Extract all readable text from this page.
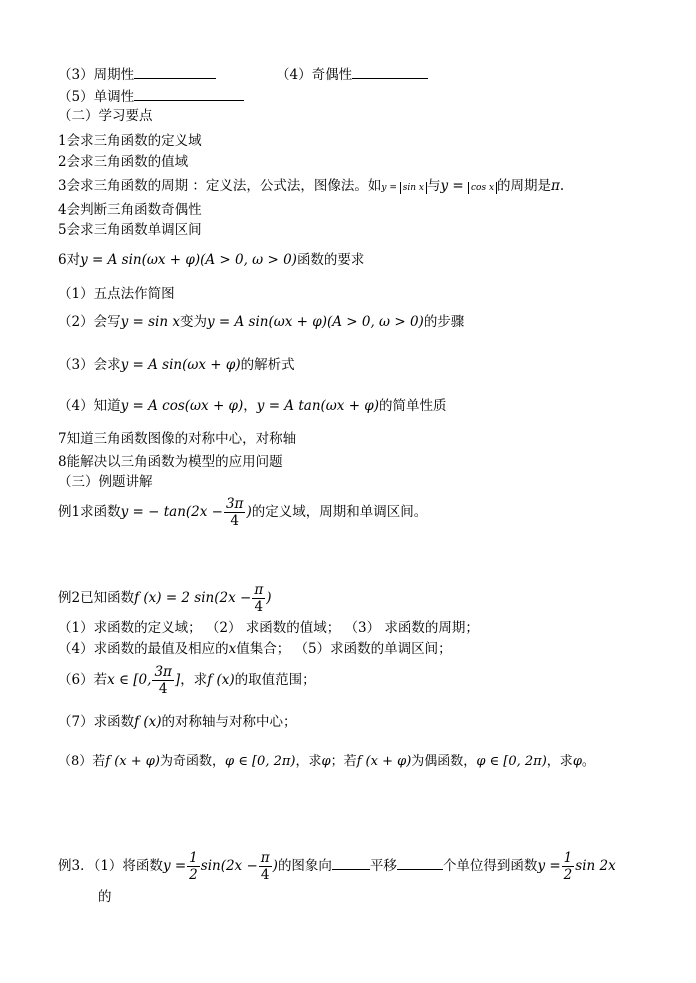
（3）周期性	（4）奇偶性
（5）单调性
（二）学习要点
1会求三角函数的定义域
2会求三角函数的值域
3会求三角函数的周期 ：定义法，公式法，图像法。如y = sin x 与y = cos x 的周期是π.
4会判断三角函数奇偶性
5会求三角函数单调区间
6对y = A sin(ωx + φ)(A > 0, ω > 0)函数的要求
（1）五点法作简图
（2）会写y = sin x变为y = A sin(ωx + φ)(A > 0, ω > 0)的步骤
（3）会求y = A sin(ωx + φ)的解析式
（4）知道y = A cos(ωx + φ)，y = A tan(ωx + φ)的简单性质
7知道三角函数图像的对称中心，对称轴
8能解决以三角函数为模型的应用问题
（三）例题讲解
例1求函数y = − $\tan(2x - \frac{3\pi}{4}$ )的定义域，周期和单调区间。
例2已知函数f (x) = 2 $\sin(2x - \frac{\pi}{4}$ )
（1）求函数的定义域； （2） 求函数的值域； （3） 求函数的周期；
（4）求函数的最值及相应的x值集合； （5）求函数的单调区间；
（6）若x ∈ [0, $\frac{3\pi}{4}$ ]，求f (x)的取值范围；
（7）求函数f (x)的对称轴与对称中心；
（8）若f (x + φ)为奇函数，φ ∈ [0, 2π)，求φ；若f (x + φ)为偶函数，φ ∈ [0, 2π)，求φ。
例3．（1）将函数$y = \frac{1}{2} \sin(2x - \frac{\pi}{4}$ )的图象向	平移	个单位得到函数$y = \frac{1}{2}$ sin 2x
的
